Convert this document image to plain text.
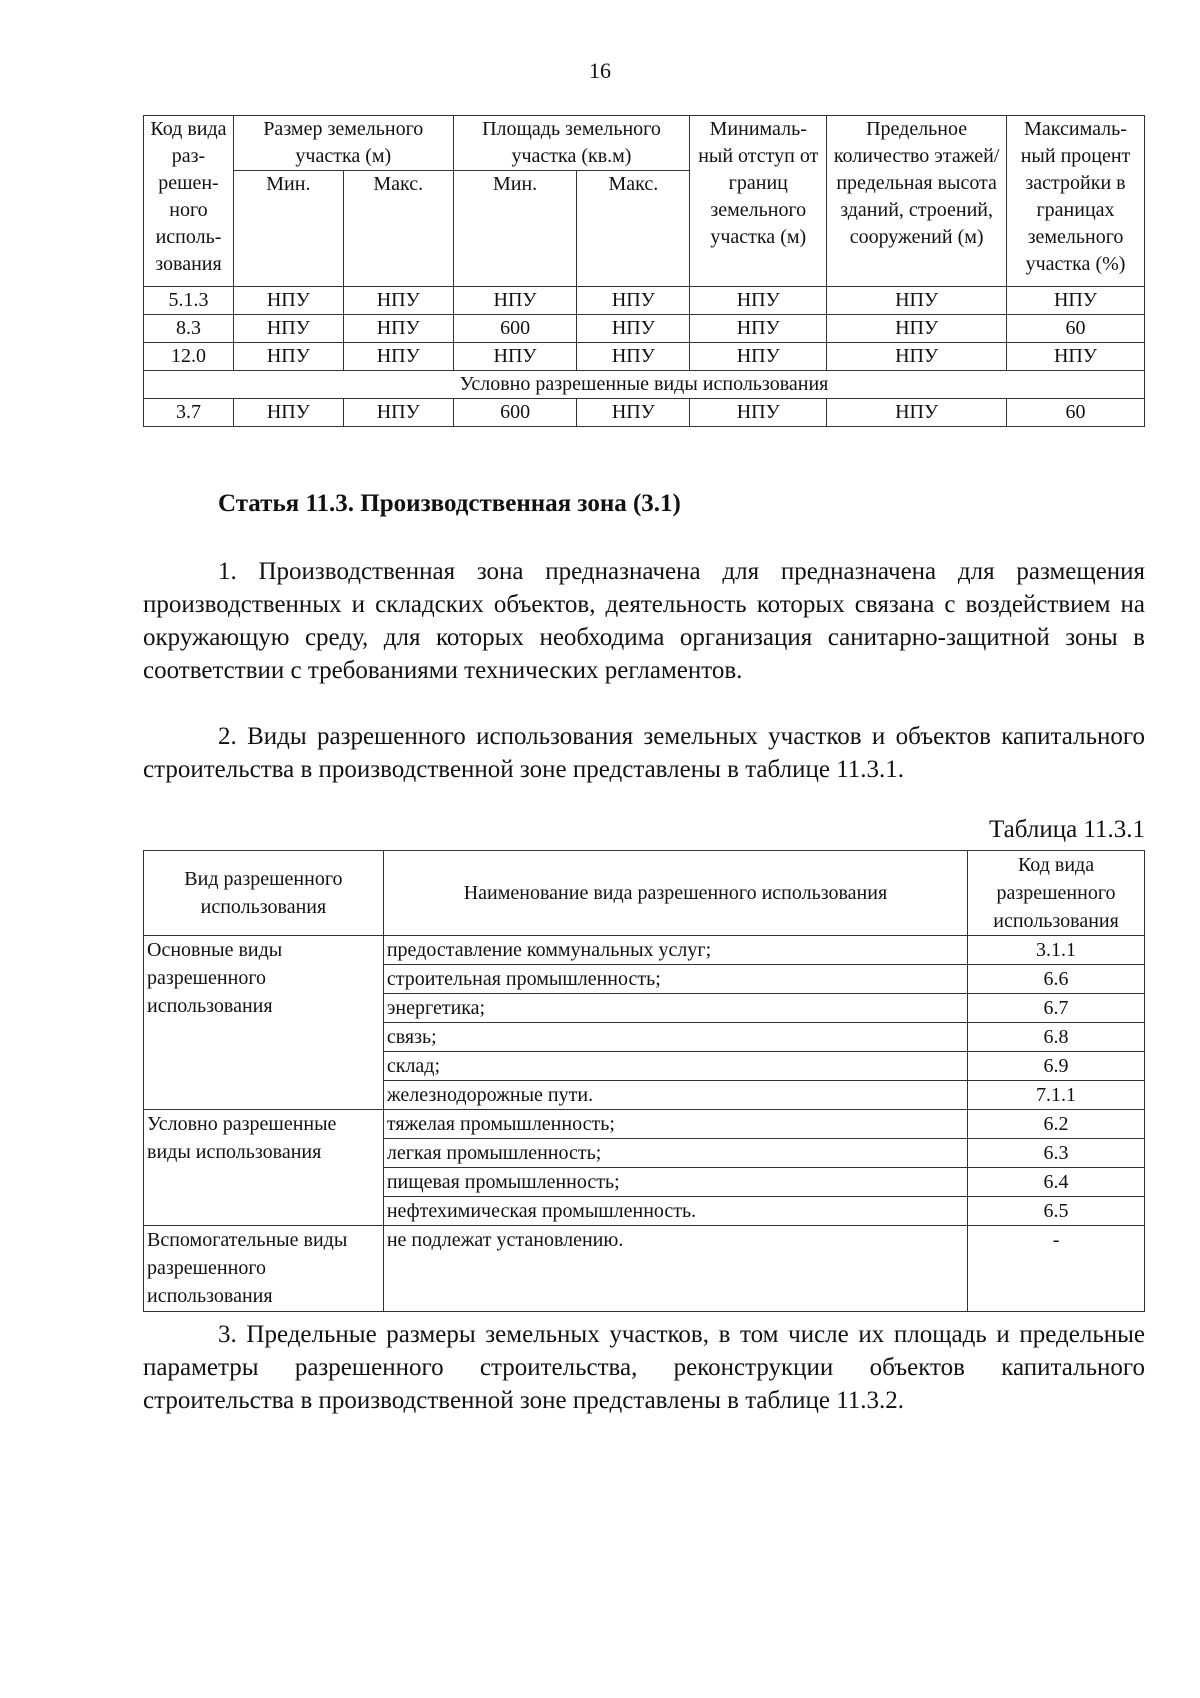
16
Код вида раз-решен-ного исполь-зования	Размер земельного участка (м)		Площадь земельного участка (кв.м)		Минималь-ный отступ от границ земельного участка (м)	Предельное количество этажей/ предельная высота зданий, строений, сооружений (м)	Максималь-ный процент застройки в границах земельного участка (%)
	Мин.	Макс.	Мин.	Макс.			
5.1.3	НПУ	НПУ	НПУ	НПУ	НПУ	НПУ	НПУ
8.3	НПУ	НПУ	600	НПУ	НПУ	НПУ	60
12.0	НПУ	НПУ	НПУ	НПУ	НПУ	НПУ	НПУ
Условно разрешенные виды использования							
3.7	НПУ	НПУ	600	НПУ	НПУ	НПУ	60
Статья 11.3. Производственная зона (3.1)

1. Производственная зона предназначена для предназначена для размещения производственных и складских объектов, деятельность которых связана с воздействием на окружающую среду, для которых необходима организация санитарно-защитной зоны в соответствии с требованиями технических регламентов.

2. Виды разрешенного использования земельных участков и объектов капитального строительства в производственной зоне представлены в таблице 11.3.1.

Таблица 11.3.1
Вид разрешенного использования	Наименование вида разрешенного использования	Код вида разрешенного использования
Основные виды разрешенного использования	предоставление коммунальных услуг;	3.1.1
	строительная промышленность;	6.6
	энергетика;	6.7
	связь;	6.8
	склад;	6.9
	железнодорожные пути.	7.1.1
Условно разрешенные виды использования	тяжелая промышленность;	6.2
	легкая промышленность;	6.3
	пищевая промышленность;	6.4
	нефтехимическая промышленность.	6.5
Вспомогательные виды разрешенного использования	не подлежат установлению.	-

3. Предельные размеры земельных участков, в том числе их площадь и предельные параметры разрешенного строительства, реконструкции объектов капитального строительства в производственной зоне представлены в таблице 11.3.2.
